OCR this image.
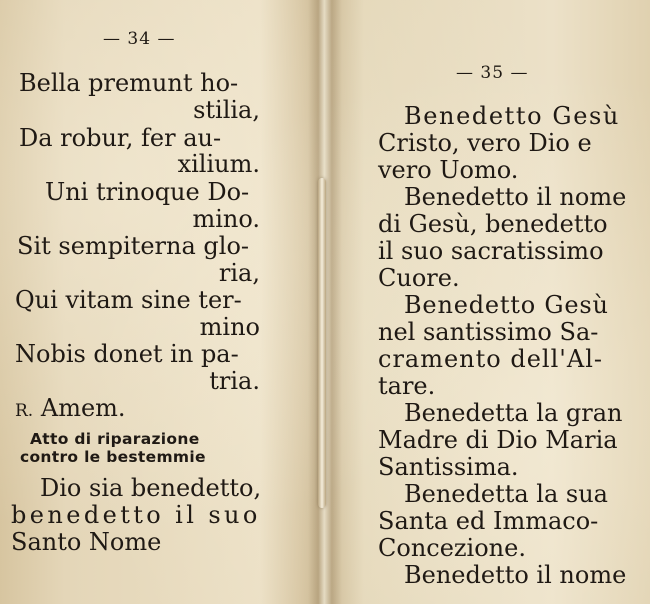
— 34 —
Bella premunt ho-
stilia,
Da robur, fer au-
xilium.
Uni trinoque Do-
mino.
Sit sempiterna glo-
ria,
Qui vitam sine ter-
mino
Nobis donet in pa-
tria.
R. Amem.
Atto di riparazione
contro le bestemmie
Dio sia benedetto,
benedetto il suo
Santo Nome
— 35 —
Benedetto Gesù
Cristo, vero Dio e
vero Uomo.
Benedetto il nome
di Gesù, benedetto
il suo sacratissimo
Cuore.
Benedetto Gesù
nel santissimo Sa-
cramento dell'Al-
tare.
Benedetta la gran
Madre di Dio Maria
Santissima.
Benedetta la sua
Santa ed Immaco-
Concezione.
Benedetto il nome
